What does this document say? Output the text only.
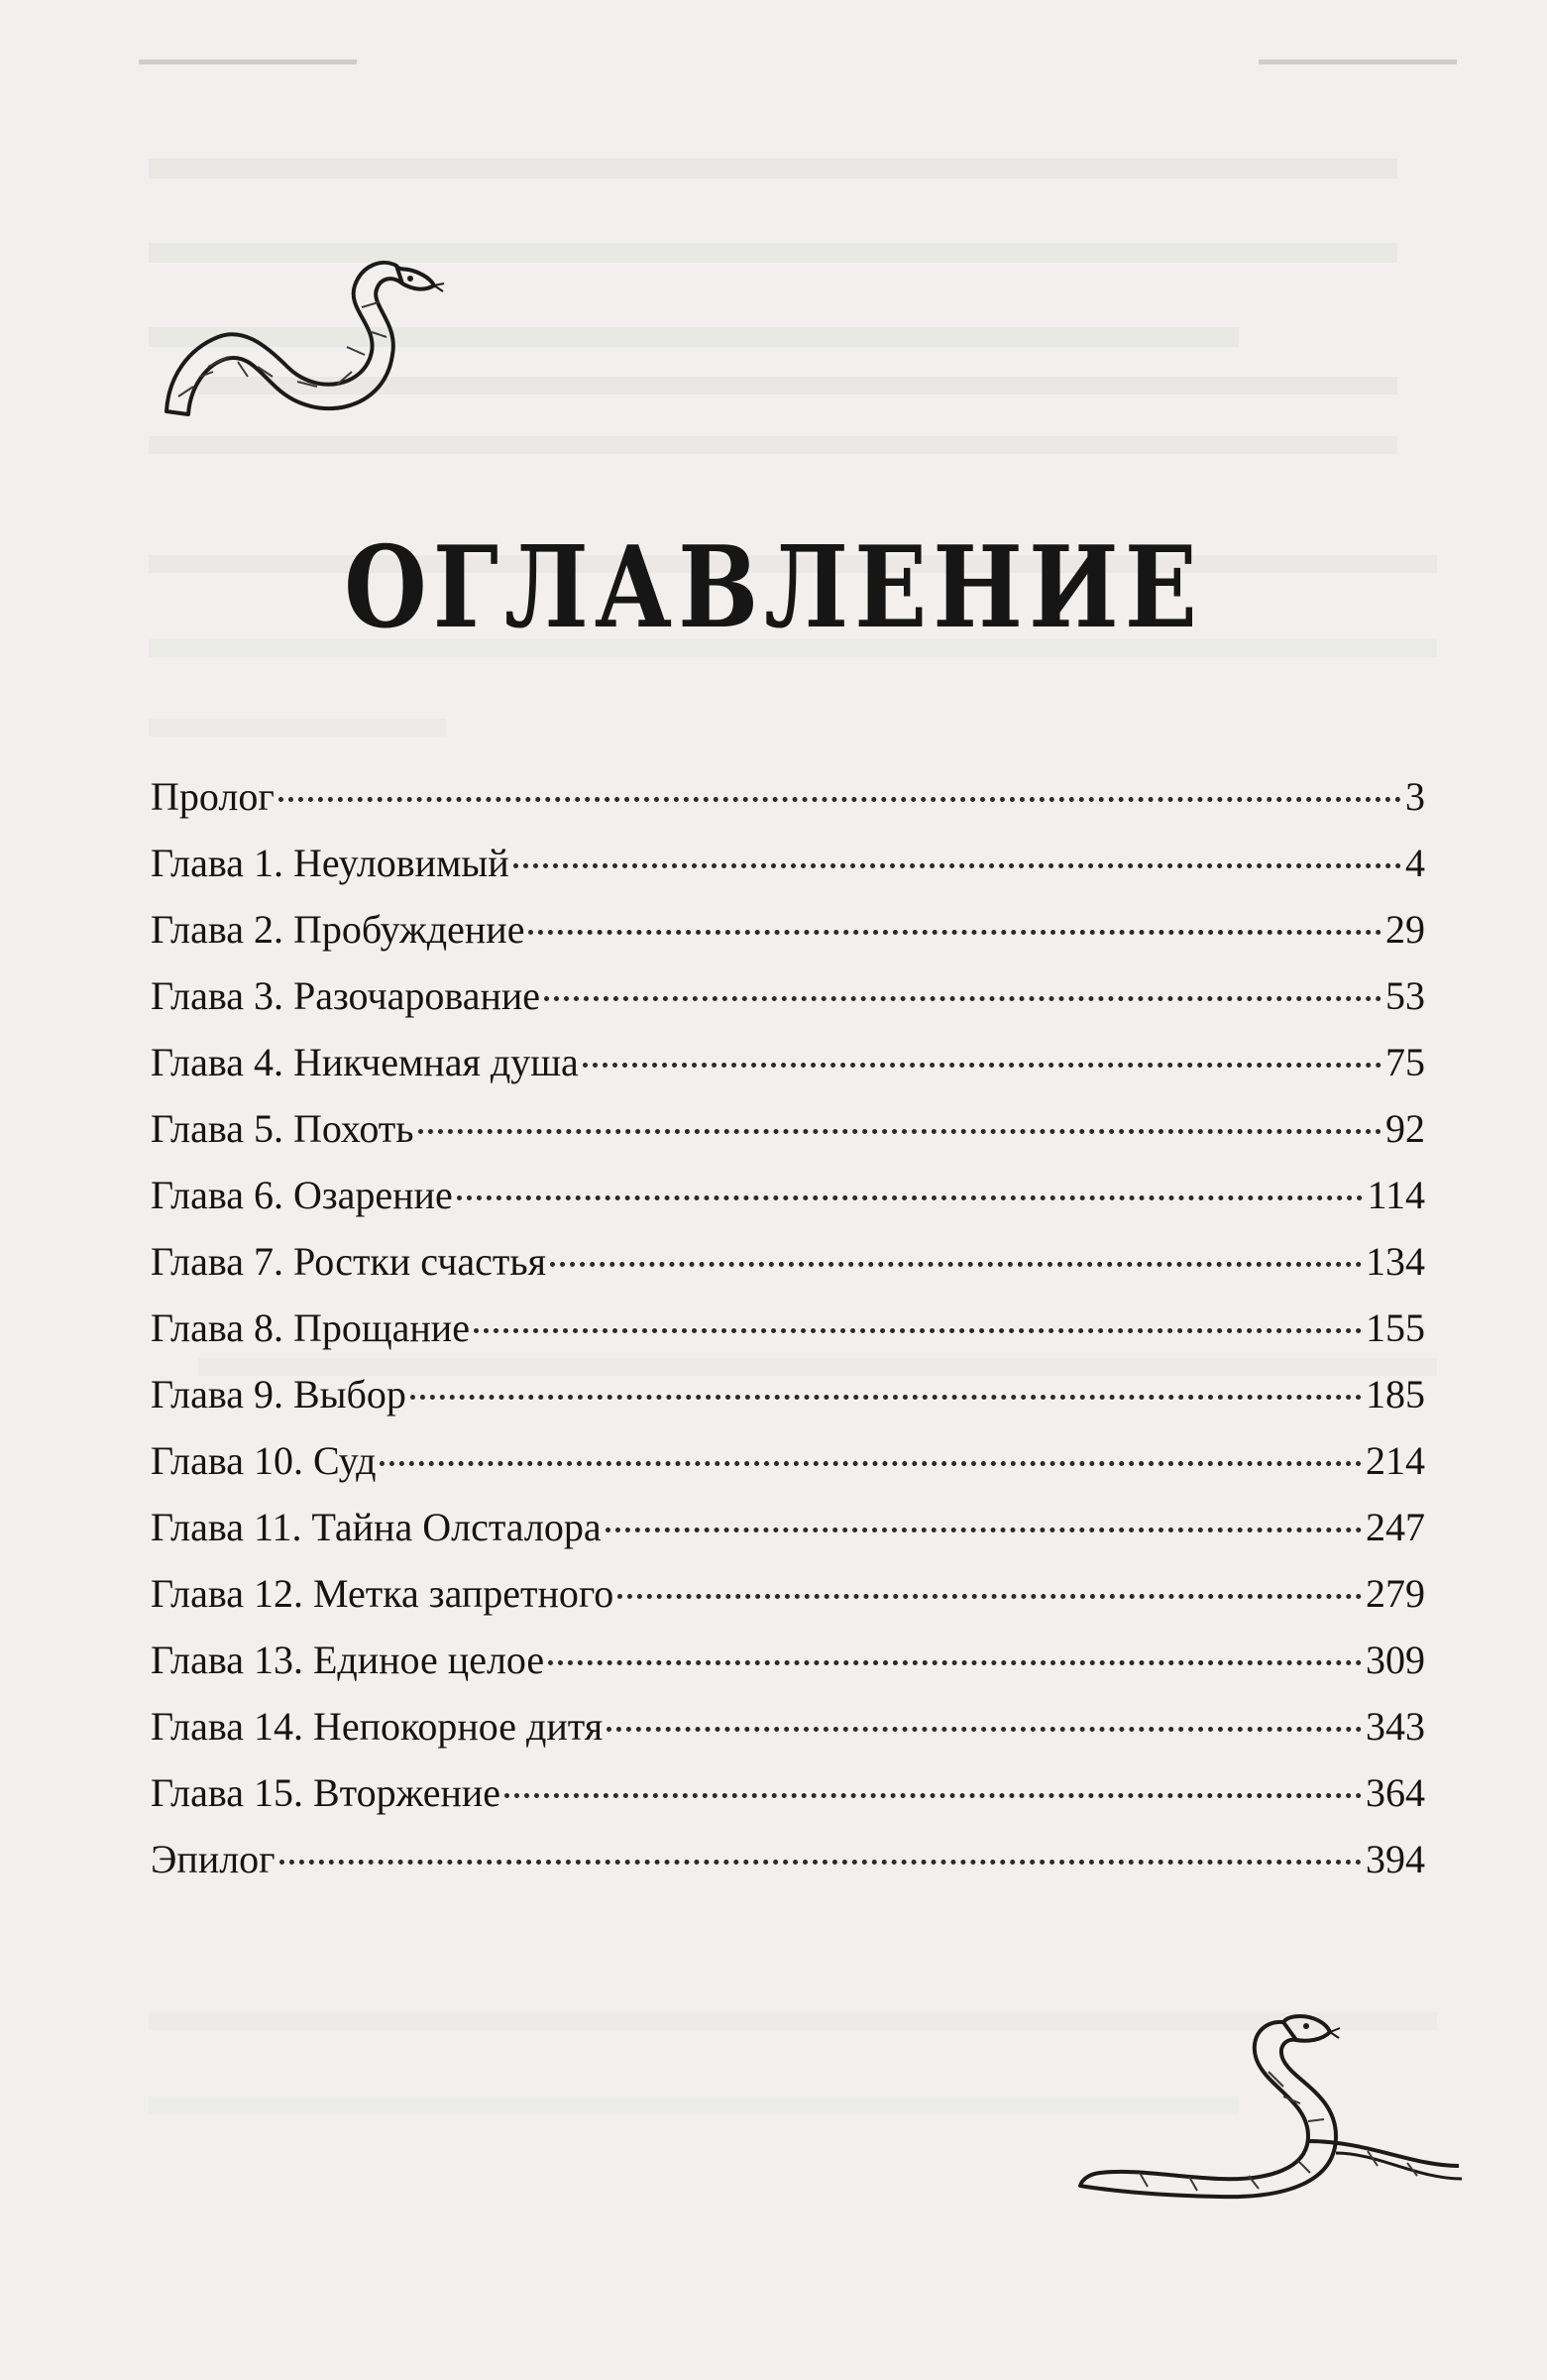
ОГЛАВЛЕНИЕ
Пролог	3
Глава 1. Неуловимый	4
Глава 2. Пробуждение	29
Глава 3. Разочарование	53
Глава 4. Никчемная душа	75
Глава 5. Похоть	92
Глава 6. Озарение	114
Глава 7. Ростки счастья	134
Глава 8. Прощание	155
Глава 9. Выбор	185
Глава 10. Суд	214
Глава 11. Тайна Олсталора	247
Глава 12. Метка запретного	279
Глава 13. Единое целое	309
Глава 14. Непокорное дитя	343
Глава 15. Вторжение	364
Эпилог	394
